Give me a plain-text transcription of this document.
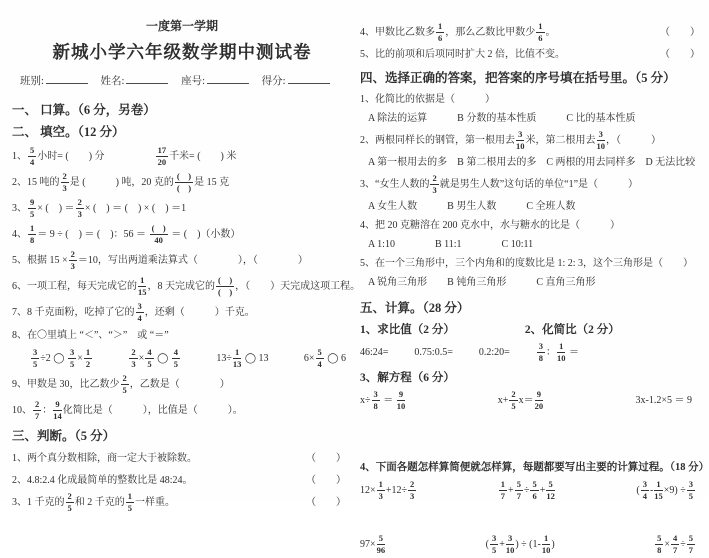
一度第一学期
新城小学六年级数学期中测试卷
班别:	姓名:	座号:	得分:
一、 口算。（6 分，另卷）
二、 填空。（12 分）
1、 $\frac{5}{4}$ 小时= (　　) 分　　　　　 $\frac{17}{20}$ 千米= (　　) 米
2、15 吨的 $\frac{2}{3}$ 是 (　　　) 吨，20 克的 $\frac{( )}{( )}$ 是 15 克
3、 $\frac{9}{5}$ × (　) ＝ $\frac{2}{3}$ × (　) ＝ (　) × (　) ＝1
4、 $\frac{1}{8} = 9$ ÷ (　) ＝ (　)：$56 = \frac{( )}{40}$ ＝ (　)（小数）
5、根据 $15 \times \frac{2}{3} =10$，写出两道乘法算式（　　　　），（　　　　）
6、一项工程，每天完成它的 $\frac{1}{15}$ ，8 天完成它的 $\frac{( )}{( )}$ ，（　　）天完成这项工程。
7、8 千克面粉，吃掉了它的 $\frac{3}{4}$ ，还剩（　　　）千克。
8、在〇里填上 “＜”、“＞”　或 “＝”
$\frac{3}{5} \div 2$ ◯ $\frac{3}{5} \times \frac{1}{2}$	$\frac{2}{3} \times \frac{4}{5}$ ◯ $\frac{4}{5}$	$13\div \frac{1}{13}$ ◯ 13	$6\times \frac{5}{4}$ ◯ 6
9、甲数是 30，比乙数少 $\frac{2}{5}$ ，乙数是（　　　　）
10、 $\frac{2}{7}$ ： $\frac{9}{14}$ 化简比是（　　　），比值是（　　　）。
三、判断。（5 分）
1、两个真分数相除，商一定大于被除数。	（　　）
2、4.8:2.4 化成最简单的整数比是 48:24。	（　　）
3、1 千克的 $\frac{2}{5}$ 和 2 千克的 $\frac{1}{5}$ 一样重。	（　　）
4、甲数比乙数多 $\frac{1}{6}$ ，那么乙数比甲数少 $\frac{1}{6}$ 。	（　　）
5、比的前项和后项同时扩大 2 倍，比值不变。	（　　）
四、选择正确的答案，把答案的序号填在括号里。（5 分）
1、化简比的依据是（　　　）
A 除法的运算　　　B 分数的基本性质　　　C 比的基本性质
2、两根同样长的钢管，第一根用去 $\frac{3}{10}$ 米，第二根用去 $\frac{3}{10}$ ，（　　　）
A 第一根用去的多　B 第二根用去的多　C 两根的用去同样多　D 无法比较
3、“女生人数的 $\frac{2}{3}$ 就是男生人数”这句话的单位“1”是（　　　）
A 女生人数　　　B 男生人数　　　C 全班人数
4、把 20 克糖溶在 200 克水中，水与糖水的比是（　　　）
A 1:10　　　　B 11:1　　　　C 10:11
5、在一个三角形中，三个内角和的度数比是 1: 2: 3，这个三角形是（　　）
A 锐角三角形　　B 钝角三角形　　　C 直角三角形
五、计算。（28 分）
1、求比值（2 分）	2、化简比（2 分）
46:24=	0.75:0.5=	0.2:20=	$\frac{3}{8}$ ： $\frac{1}{10}$ ＝
3、解方程（6 分）
$x\div \frac{3}{8} = \frac{9}{10}$	$x+ \frac{2}{5} x= \frac{9}{20}$	3x-1.2×5 ＝ 9
4、下面各题怎样算简便就怎样算，每题都要写出主要的计算过程。（18 分）
$12\times \frac{1}{3} +12\div \frac{2}{3}$	$\frac{1}{7} + \frac{5}{7} \div \frac{5}{6} + \frac{5}{12}$	( $\frac{3}{4} - \frac{1}{15} \times 9) \div \frac{3}{5}$
$97\times \frac{5}{96}$	( $\frac{3}{5} + \frac{3}{10}$ ) ÷ ($1- \frac{1}{10}$ )	$\frac{5}{8} \times \frac{4}{7} \div \frac{5}{7}$
